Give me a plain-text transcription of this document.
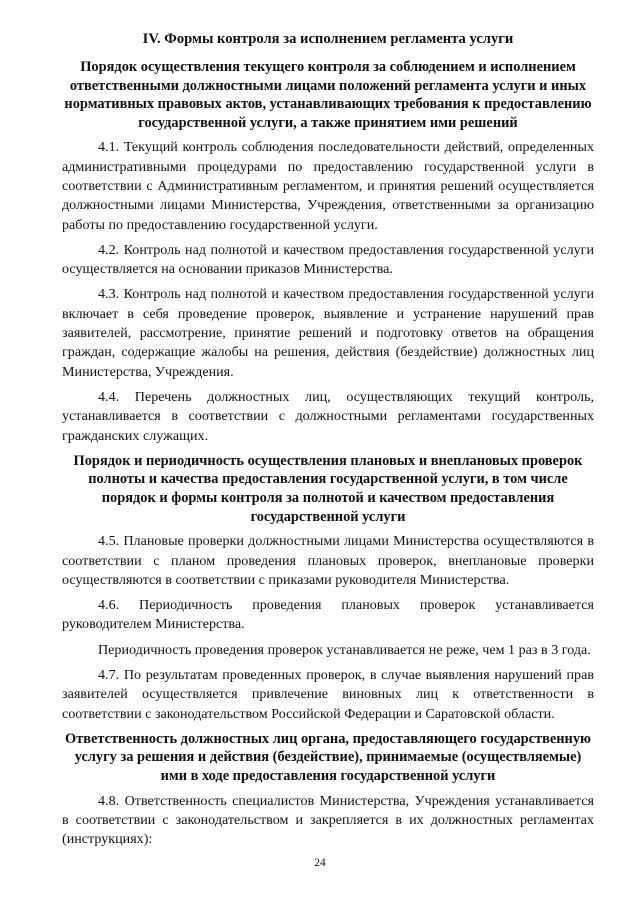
IV. Формы контроля за исполнением регламента услуги
Порядок осуществления текущего контроля за соблюдением и исполнением ответственными должностными лицами положений регламента услуги и иных нормативных правовых актов, устанавливающих требования к предоставлению государственной услуги, а также принятием ими решений

4.1. Текущий контроль соблюдения последовательности действий, определенных административными процедурами по предоставлению государственной услуги в соответствии с Административным регламентом, и принятия решений осуществляется должностными лицами Министерства, Учреждения, ответственными за организацию работы по предоставлению государственной услуги.

4.2. Контроль над полнотой и качеством предоставления государственной услуги осуществляется на основании приказов Министерства.

4.3. Контроль над полнотой и качеством предоставления государственной услуги включает в себя проведение проверок, выявление и устранение нарушений прав заявителей, рассмотрение, принятие решений и подготовку ответов на обращения граждан, содержащие жалобы на решения, действия (бездействие) должностных лиц Министерства, Учреждения.

4.4. Перечень должностных лиц, осуществляющих текущий контроль, устанавливается в соответствии с должностными регламентами государственных гражданских служащих.

Порядок и периодичность осуществления плановых и внеплановых проверок полноты и качества предоставления государственной услуги, в том числе порядок и формы контроля за полнотой и качеством предоставления государственной услуги

4.5. Плановые проверки должностными лицами Министерства осуществляются в соответствии с планом проведения плановых проверок, внеплановые проверки осуществляются в соответствии с приказами руководителя Министерства.

4.6. Периодичность проведения плановых проверок устанавливается руководителем Министерства.

Периодичность проведения проверок устанавливается не реже, чем 1 раз в 3 года.

4.7. По результатам проведенных проверок, в случае выявления нарушений прав заявителей осуществляется привлечение виновных лиц к ответственности в соответствии с законодательством Российской Федерации и Саратовской области.

Ответственность должностных лиц органа, предоставляющего государственную услугу за решения и действия (бездействие), принимаемые (осуществляемые) ими в ходе предоставления государственной услуги

4.8. Ответственность специалистов Министерства, Учреждения устанавливается в соответствии с законодательством и закрепляется в их должностных регламентах (инструкциях):

24
